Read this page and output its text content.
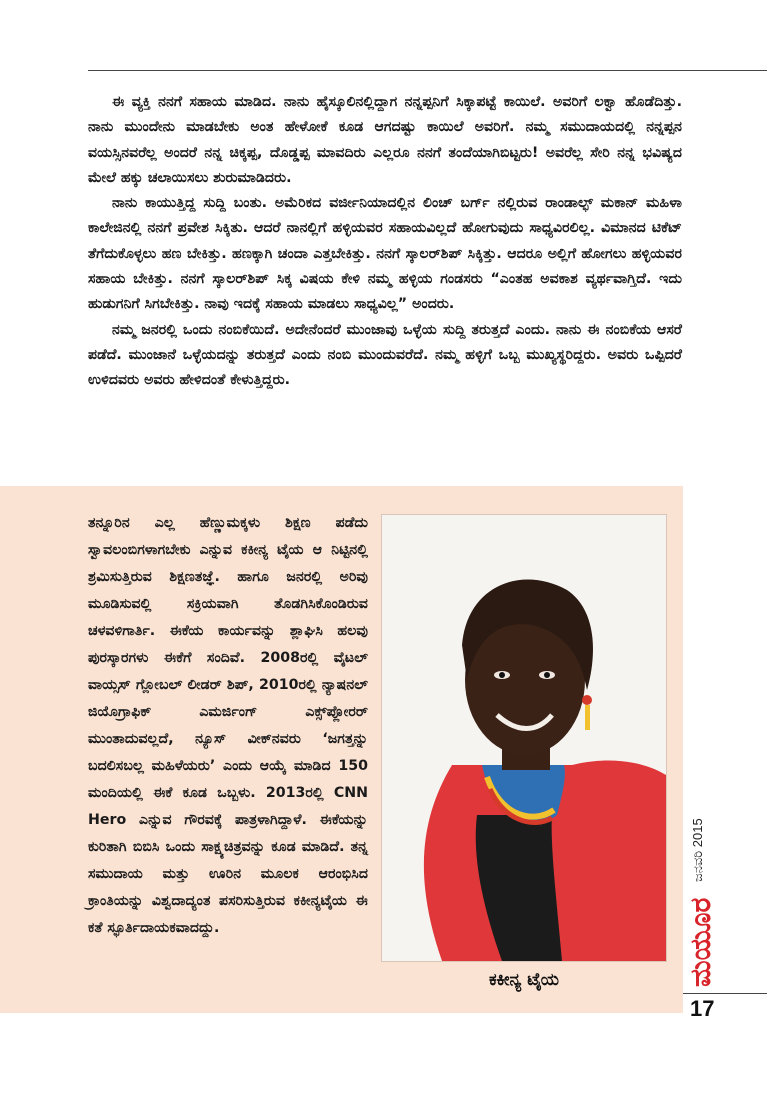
ಈ ವ್ಯಕ್ತಿ ನನಗೆ ಸಹಾಯ ಮಾಡಿದ. ನಾನು ಹೈಸ್ಕೂಲಿನಲ್ಲಿದ್ದಾಗ ನನ್ನಪ್ಪನಿಗೆ ಸಿಕ್ಕಾಪಟ್ಟೆ ಕಾಯಿಲೆ. ಅವರಿಗೆ ಲಕ್ವಾ ಹೊಡೆದಿತ್ತು. ನಾನು ಮುಂದೇನು ಮಾಡಬೇಕು ಅಂತ ಹೇಳೋಕೆ ಕೂಡ ಆಗದಷ್ಟು ಕಾಯಿಲೆ ಅವರಿಗೆ. ನಮ್ಮ ಸಮುದಾಯದಲ್ಲಿ ನನ್ನಪ್ಪನ ವಯಸ್ಸಿನವರೆಲ್ಲ ಅಂದರೆ ನನ್ನ ಚಿಕ್ಕಪ್ಪ, ದೊಡ್ಡಪ್ಪ ಮಾವದಿರು ಎಲ್ಲರೂ ನನಗೆ ತಂದೆಯಾಗಿಬಿಟ್ಟರು! ಅವರೆಲ್ಲ ಸೇರಿ ನನ್ನ ಭವಿಷ್ಯದ ಮೇಲೆ ಹಕ್ಕು ಚಲಾಯಿಸಲು ಶುರುಮಾಡಿದರು.

ನಾನು ಕಾಯುತ್ತಿದ್ದ ಸುದ್ದಿ ಬಂತು. ಅಮೆರಿಕದ ವರ್ಜೀನಿಯಾದಲ್ಲಿನ ಲಿಂಚ್ ಬರ್ಗ್ ನಲ್ಲಿರುವ ರಾಂಡಾಲ್ಫ್ ಮಕಾನ್ ಮಹಿಳಾ ಕಾಲೇಜಿನಲ್ಲಿ ನನಗೆ ಪ್ರವೇಶ ಸಿಕ್ಕಿತು. ಆದರೆ ನಾನಲ್ಲಿಗೆ ಹಳ್ಳಿಯವರ ಸಹಾಯವಿಲ್ಲದೆ ಹೋಗುವುದು ಸಾಧ್ಯವಿರಲಿಲ್ಲ. ವಿಮಾನದ ಟಿಕೆಟ್ ತೆಗೆದುಕೊಳ್ಳಲು ಹಣ ಬೇಕಿತ್ತು. ಹಣಕ್ಕಾಗಿ ಚಂದಾ ಎತ್ತಬೇಕಿತ್ತು. ನನಗೆ ಸ್ಕಾಲರ್‌ಶಿಪ್ ಸಿಕ್ಕಿತ್ತು. ಆದರೂ ಅಲ್ಲಿಗೆ ಹೋಗಲು ಹಳ್ಳಿಯವರ ಸಹಾಯ ಬೇಕಿತ್ತು. ನನಗೆ ಸ್ಕಾಲರ್‌ಶಿಪ್ ಸಿಕ್ಕ ವಿಷಯ ಕೇಳಿ ನಮ್ಮ ಹಳ್ಳಿಯ ಗಂಡಸರು “ಎಂತಹ ಅವಕಾಶ ವ್ಯರ್ಥವಾಗ್ತಿದೆ. ಇದು ಹುಡುಗನಿಗೆ ಸಿಗಬೇಕಿತ್ತು. ನಾವು ಇದಕ್ಕೆ ಸಹಾಯ ಮಾಡಲು ಸಾಧ್ಯವಿಲ್ಲ” ಅಂದರು.

ನಮ್ಮ ಜನರಲ್ಲಿ ಒಂದು ನಂಬಿಕೆಯಿದೆ. ಅದೇನೆಂದರೆ ಮುಂಜಾವು ಒಳ್ಳೆಯ ಸುದ್ದಿ ತರುತ್ತದೆ ಎಂದು. ನಾನು ಈ ನಂಬಿಕೆಯ ಆಸರೆ ಪಡೆದೆ. ಮುಂಜಾನೆ ಒಳ್ಳೆಯದನ್ನು ತರುತ್ತದೆ ಎಂದು ನಂಬಿ ಮುಂದುವರೆದೆ. ನಮ್ಮ ಹಳ್ಳಿಗೆ ಒಬ್ಬ ಮುಖ್ಯಸ್ಥರಿದ್ದರು. ಅವರು ಒಪ್ಪಿದರೆ ಉಳಿದವರು ಅವರು ಹೇಳಿದಂತೆ ಕೇಳುತ್ತಿದ್ದರು.

ತನ್ನೂರಿನ ಎಲ್ಲ ಹೆಣ್ಣುಮಕ್ಕಳು ಶಿಕ್ಷಣ ಪಡೆದು ಸ್ವಾವಲಂಬಿಗಳಾಗಬೇಕು ಎನ್ನುವ ಕಕೀನ್ಯ ಟೈಯ ಆ ನಿಟ್ಟಿನಲ್ಲಿ ಶ್ರಮಿಸುತ್ತಿರುವ ಶಿಕ್ಷಣತಜ್ಞೆ. ಹಾಗೂ ಜನರಲ್ಲಿ ಅರಿವು ಮೂಡಿಸುವಲ್ಲಿ ಸಕ್ರಿಯವಾಗಿ ತೊಡಗಿಸಿಕೊಂಡಿರುವ ಚಳವಳಿಗಾರ್ತಿ. ಈಕೆಯ ಕಾರ್ಯವನ್ನು ಶ್ಲಾಘಿಸಿ ಹಲವು ಪುರಸ್ಕಾರಗಳು ಈಕೆಗೆ ಸಂದಿವೆ. 2008ರಲ್ಲಿ ವೈಟಲ್ ವಾಯ್ಸಸ್ ಗ್ಲೋಬಲ್ ಲೀಡರ್ ಶಿಪ್, 2010ರಲ್ಲಿ ನ್ಯಾಷನಲ್ ಜಿಯೊಗ್ರಾಫಿಕ್ ಎಮರ್ಜಿಂಗ್ ಎಕ್ಸ್‌ಪ್ಲೋರರ್ ಮುಂತಾದುವಲ್ಲದೆ, ನ್ಯೂಸ್ ವೀಕ್‌ನವರು ‘ಜಗತ್ತನ್ನು ಬದಲಿಸಬಲ್ಲ ಮಹಿಳೆಯರು’ ಎಂದು ಆಯ್ಕೆ ಮಾಡಿದ 150 ಮಂದಿಯಲ್ಲಿ ಈಕೆ ಕೂಡ ಒಬ್ಬಳು. 2013ರಲ್ಲಿ CNN Hero ಎನ್ನುವ ಗೌರವಕ್ಕೆ ಪಾತ್ರಳಾಗಿದ್ದಾಳೆ. ಈಕೆಯನ್ನು ಕುರಿತಾಗಿ ಬಿಬಿಸಿ ಒಂದು ಸಾಕ್ಷ್ಯಚಿತ್ರವನ್ನು ಕೂಡ ಮಾಡಿದೆ. ತನ್ನ ಸಮುದಾಯ ಮತ್ತು ಊರಿನ ಮೂಲಕ ಆರಂಭಿಸಿದ ಕ್ರಾಂತಿಯನ್ನು ವಿಶ್ವದಾದ್ಯಂತ ಪಸರಿಸುತ್ತಿರುವ ಕಕೀನ್ಯಟೈಯ ಈ ಕತೆ ಸ್ಫೂರ್ತಿದಾಯಕವಾದದ್ದು.
ಕಕೀನ್ಯ ಟೈಯ
ಜನವರಿ 2015
ಮಯೂರ
17
